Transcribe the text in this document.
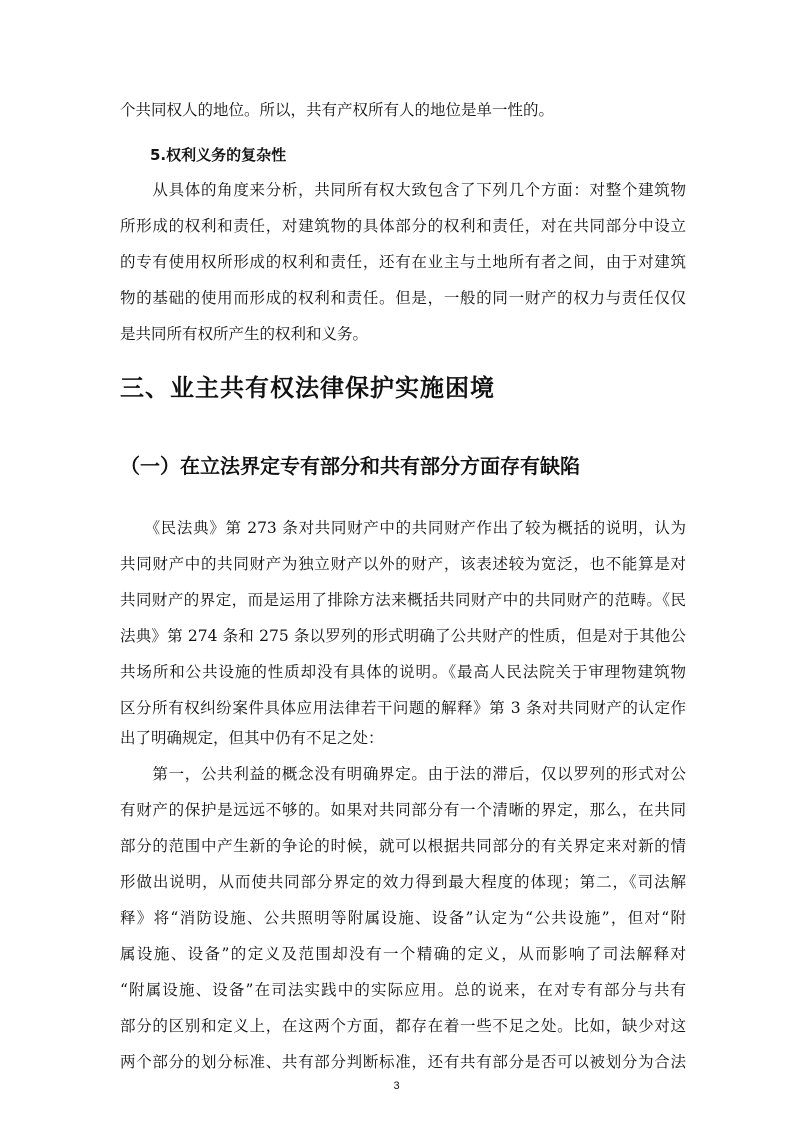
个共同权人的地位。所以，共有产权所有人的地位是单一性的。
5.权利义务的复杂性
　　从具体的角度来分析，共同所有权大致包含了下列几个方面：对整个建筑物
所形成的权利和责任，对建筑物的具体部分的权利和责任，对在共同部分中设立
的专有使用权所形成的权利和责任，还有在业主与土地所有者之间，由于对建筑
物的基础的使用而形成的权利和责任。但是，一般的同一财产的权力与责任仅仅
是共同所有权所产生的权利和义务。
三、业主共有权法律保护实施困境
（一）在立法界定专有部分和共有部分方面存有缺陷
　　《民法典》第 273 条对共同财产中的共同财产作出了较为概括的说明，认为
共同财产中的共同财产为独立财产以外的财产，该表述较为宽泛，也不能算是对
共同财产的界定，而是运用了排除方法来概括共同财产中的共同财产的范畴。《民
法典》第 274 条和 275 条以罗列的形式明确了公共财产的性质，但是对于其他公
共场所和公共设施的性质却没有具体的说明。《最高人民法院关于审理物建筑物
区分所有权纠纷案件具体应用法律若干问题的解释》第 3 条对共同财产的认定作
出了明确规定，但其中仍有不足之处：
　　第一，公共利益的概念没有明确界定。由于法的滞后，仅以罗列的形式对公
有财产的保护是远远不够的。如果对共同部分有一个清晰的界定，那么，在共同
部分的范围中产生新的争论的时候，就可以根据共同部分的有关界定来对新的情
形做出说明，从而使共同部分界定的效力得到最大程度的体现；第二，《司法解
释》将“消防设施、公共照明等附属设施、设备”认定为“公共设施”，但对“附
属设施、设备”的定义及范围却没有一个精确的定义，从而影响了司法解释对
“附属设施、设备”在司法实践中的实际应用。总的说来，在对专有部分与共有
部分的区别和定义上，在这两个方面，都存在着一些不足之处。比如，缺少对这
两个部分的划分标准、共有部分判断标准，还有共有部分是否可以被划分为合法
3
